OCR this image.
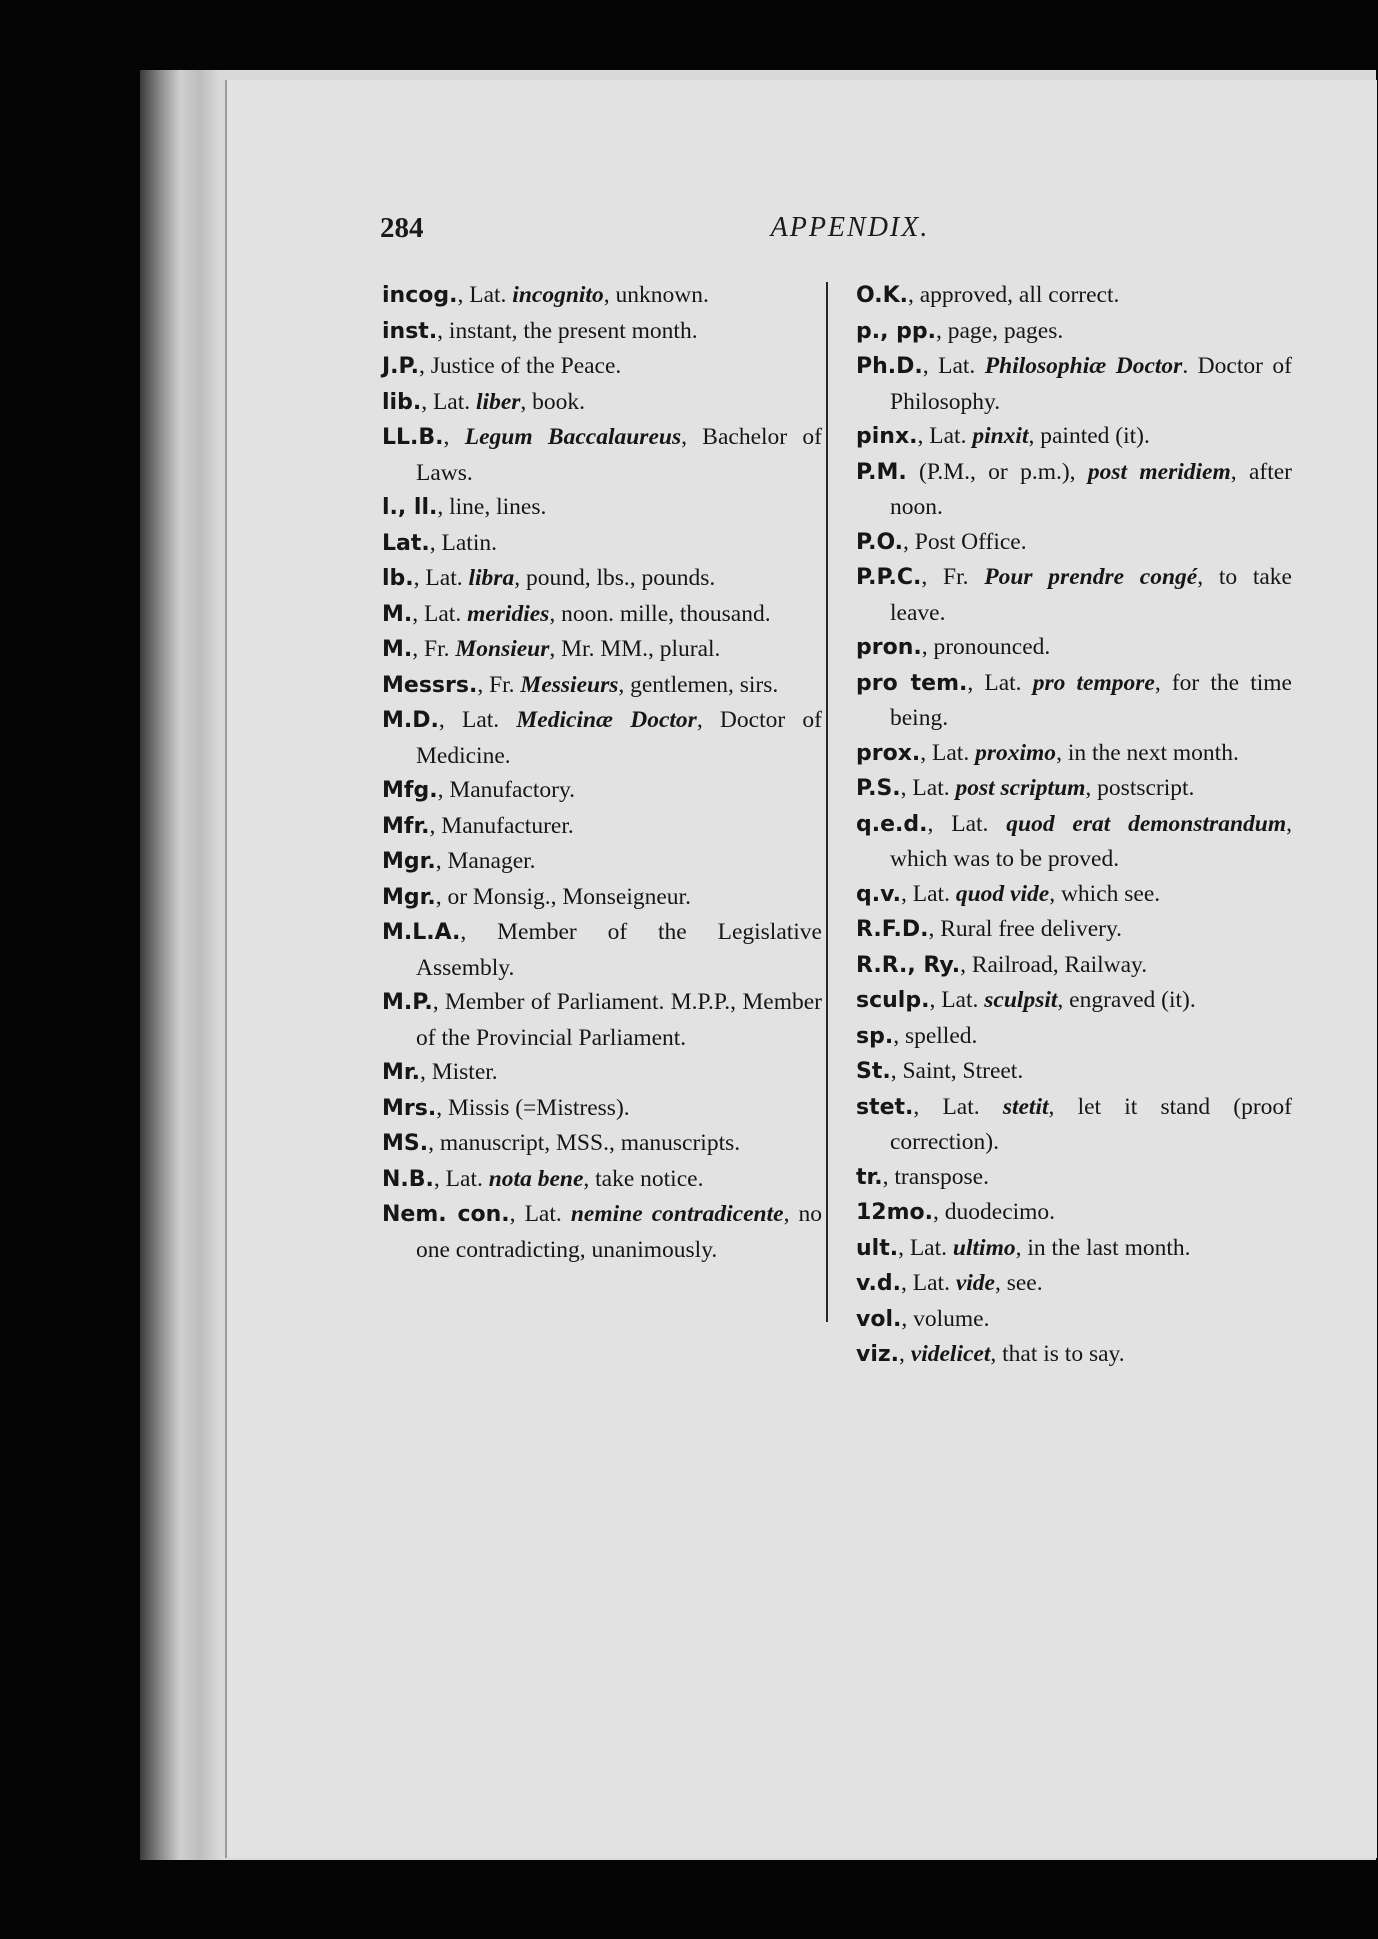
284	APPENDIX.

incog., Lat. incognito, unknown.

inst., instant, the present month.

J.P., Justice of the Peace.

lib., Lat. liber, book.

LL.B., Legum Baccalaureus, Bachelor of Laws.

l., ll., line, lines.

Lat., Latin.

lb., Lat. libra, pound, lbs., pounds.

M., Lat. meridies, noon. mille, thousand.

M., Fr. Monsieur, Mr. MM., plural.

Messrs., Fr. Messieurs, gentlemen, sirs.

M.D., Lat. Medicinæ Doctor, Doctor of Medicine.

Mfg., Manufactory.

Mfr., Manufacturer.

Mgr., Manager.

Mgr., or Monsig., Monseigneur.

M.L.A., Member of the Legislative Assembly.

M.P., Member of Parliament. M.P.P., Member of the Provincial Parliament.

Mr., Mister.

Mrs., Missis (=Mistress).

MS., manuscript, MSS., manuscripts.

N.B., Lat. nota bene, take notice.

Nem. con., Lat. nemine contradicente, no one contradicting, unanimously.

O.K., approved, all correct.

p., pp., page, pages.

Ph.D., Lat. Philosophiæ Doctor. Doctor of Philosophy.

pinx., Lat. pinxit, painted (it).

P.M. (P.M., or p.m.), post meridiem, after noon.

P.O., Post Office.

P.P.C., Fr. Pour prendre congé, to take leave.

pron., pronounced.

pro tem., Lat. pro tempore, for the time being.

prox., Lat. proximo, in the next month.

P.S., Lat. post scriptum, postscript.

q.e.d., Lat. quod erat demonstrandum, which was to be proved.

q.v., Lat. quod vide, which see.

R.F.D., Rural free delivery.

R.R., Ry., Railroad, Railway.

sculp., Lat. sculpsit, engraved (it).

sp., spelled.

St., Saint, Street.

stet., Lat. stetit, let it stand (proof correction).

tr., transpose.

12mo., duodecimo.

ult., Lat. ultimo, in the last month.

v.d., Lat. vide, see.

vol., volume.

viz., videlicet, that is to say.
